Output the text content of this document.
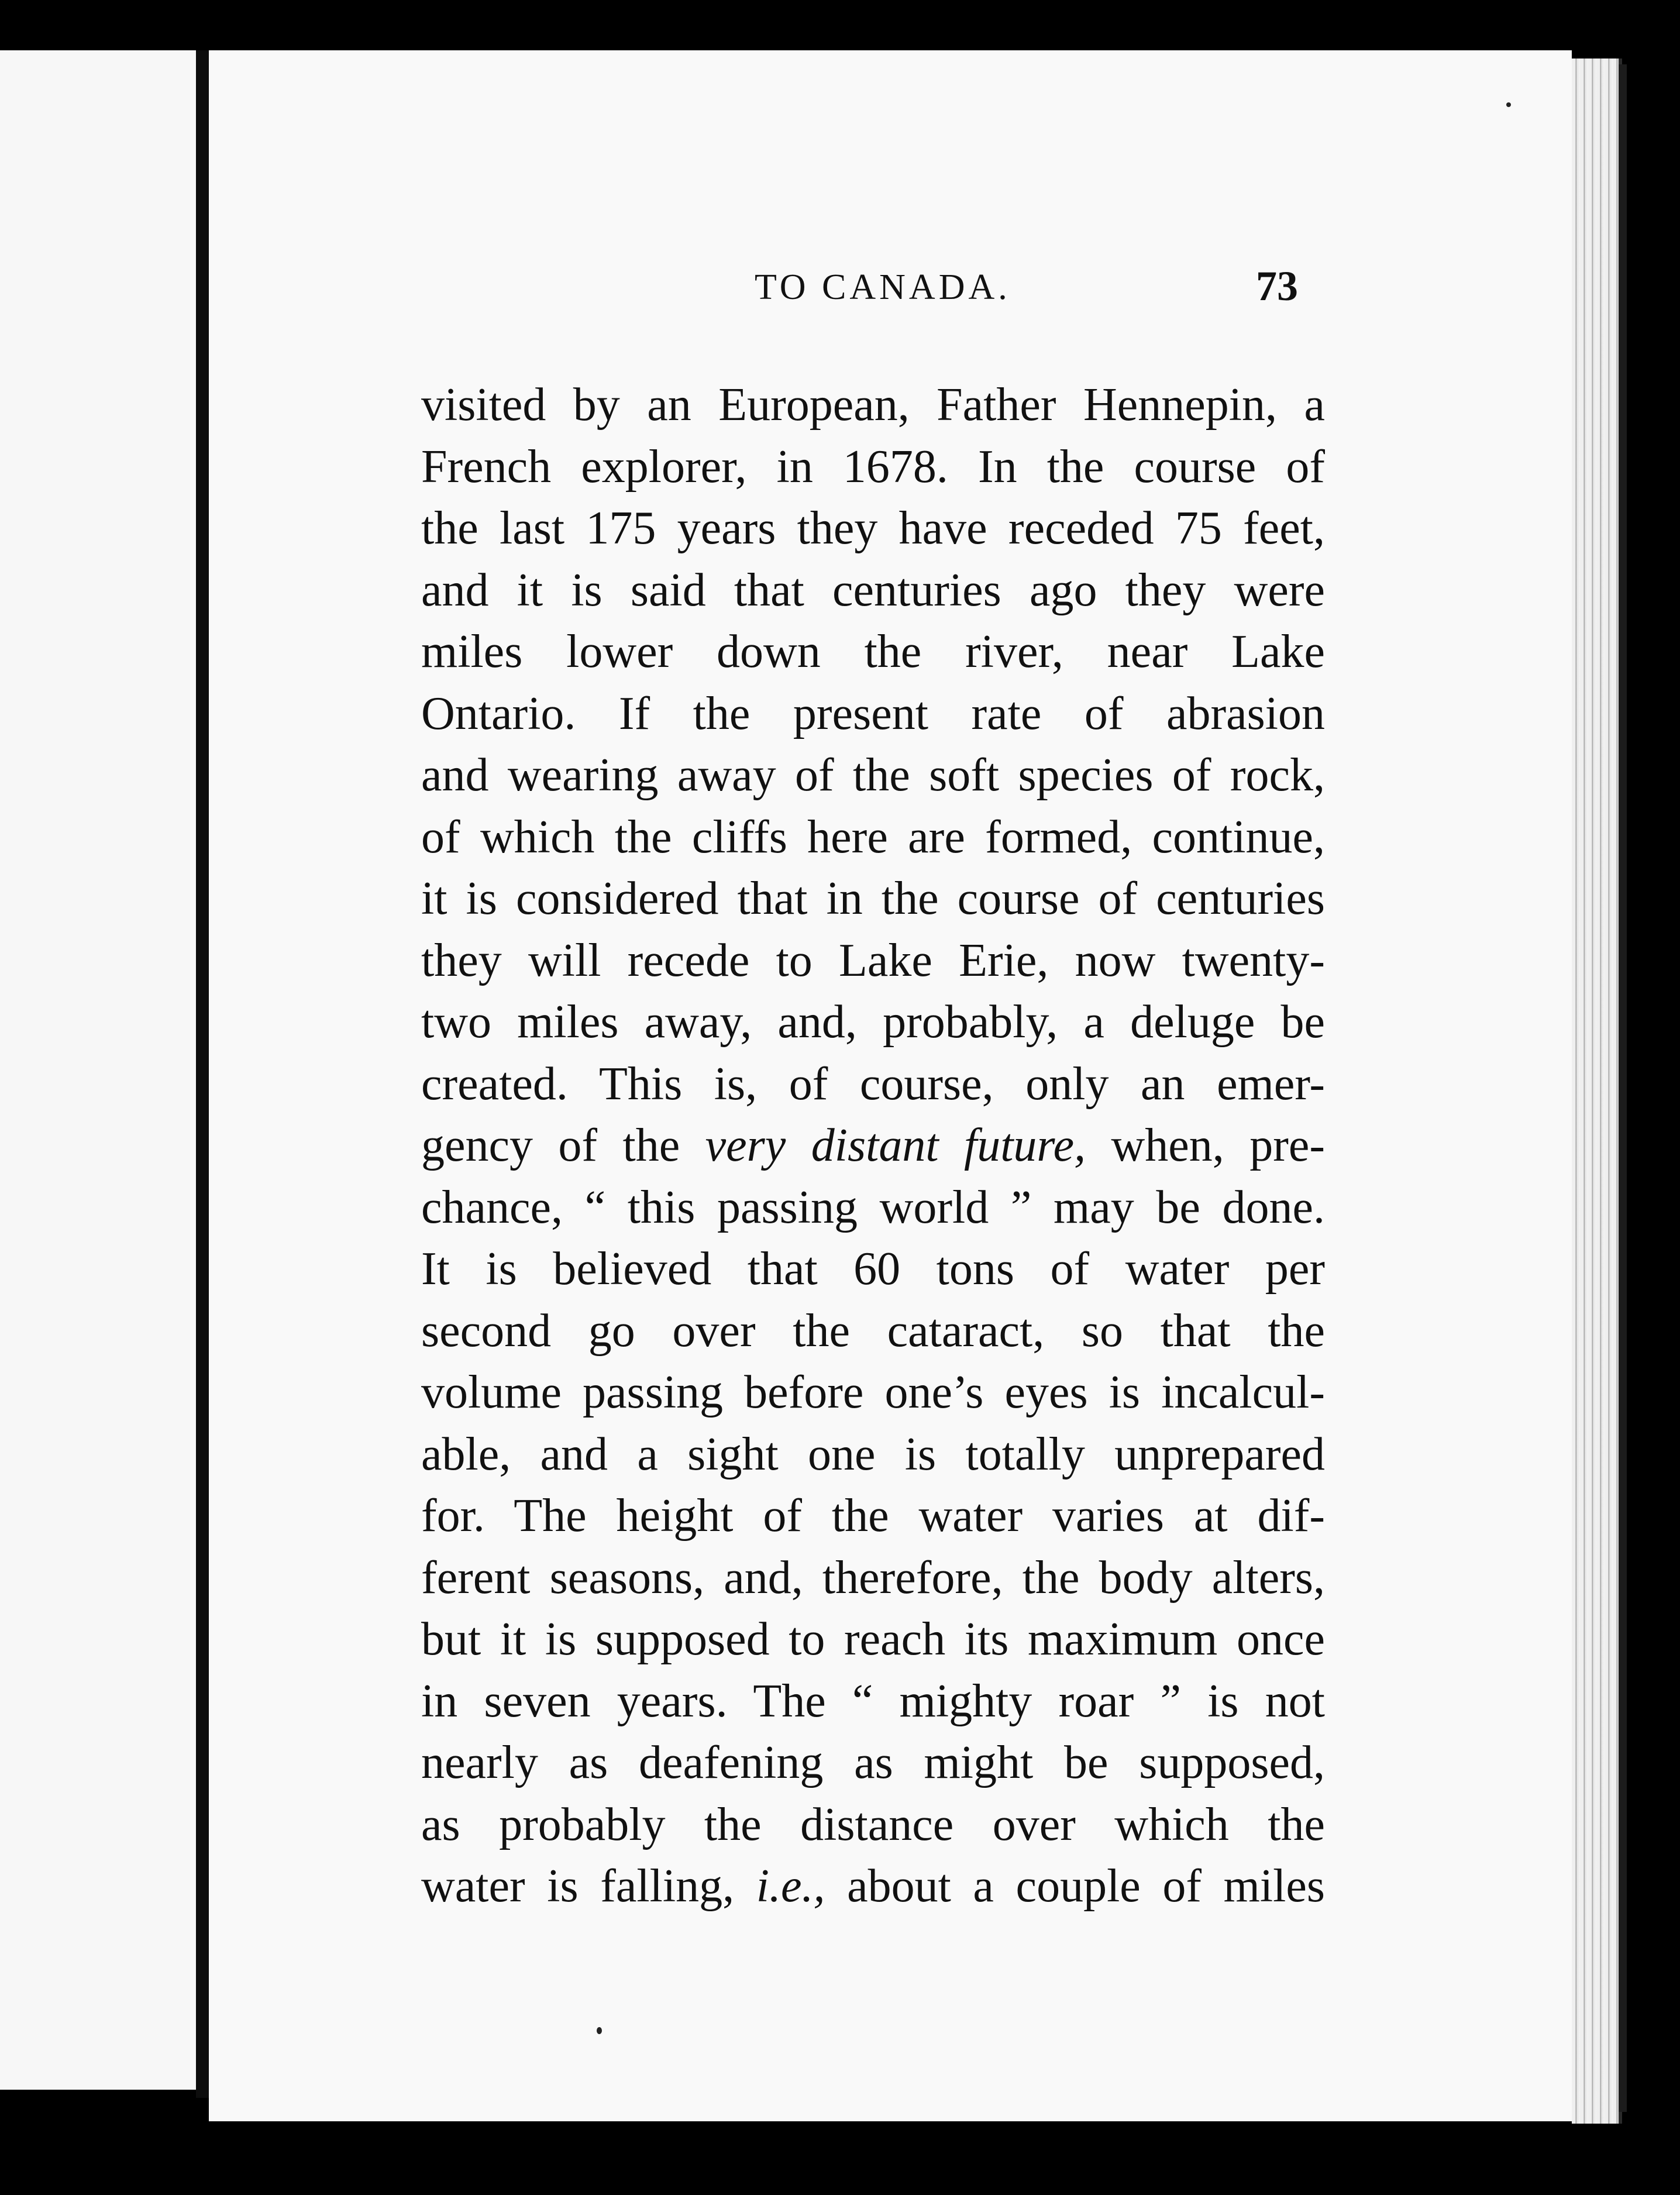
TO CANADA.	73
visited by an European, Father Hennepin, a
French explorer, in 1678. In the course of
the last 175 years they have receded 75 feet,
and it is said that centuries ago they were
miles lower down the river, near Lake
Ontario. If the present rate of abrasion
and wearing away of the soft species of rock,
of which the cliffs here are formed, continue,
it is considered that in the course of centuries
they will recede to Lake Erie, now twenty-
two miles away, and, probably, a deluge be
created. This is, of course, only an emer-
gency of the very distant future, when, pre-
chance, “ this passing world ” may be done.
It is believed that 60 tons of water per
second go over the cataract, so that the
volume passing before one’s eyes is incalcul-
able, and a sight one is totally unprepared
for. The height of the water varies at dif-
ferent seasons, and, therefore, the body alters,
but it is supposed to reach its maximum once
in seven years. The “ mighty roar ” is not
nearly as deafening as might be supposed,
as probably the distance over which the
water is falling, i.e., about a couple of miles
